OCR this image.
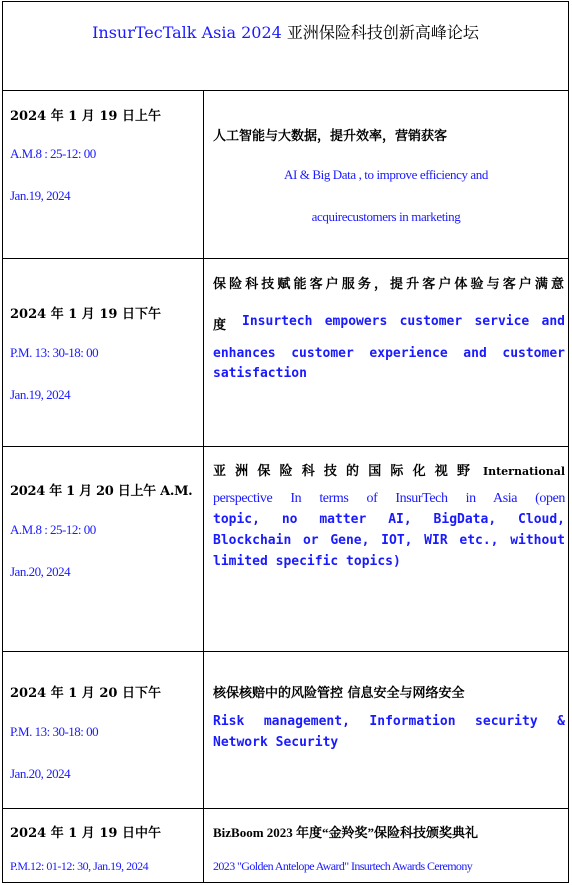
InsurTecTalk Asia 2024 亚洲保险科技创新高峰论坛
2024 年 1 月 19 日上午
A.M.8 : 25-12: 00
Jan.19, 2024
人工智能与大数据，提升效率，营销获客
AI & Big Data , to improve efficiency and
acquirecustomers in marketing
2024 年 1 月 19 日下午
P.M. 13: 30-18: 00
Jan.19, 2024
保险科技赋能客户服务，提升客户体验与客户满意
度 Insurtech empowers customer service and
enhances customer experience and customer
satisfaction
2024 年 1 月 20 日上午 A.M.
A.M.8 : 25-12: 00
Jan.20, 2024
亚洲保险科技的国际化视野 International
perspective In terms of InsurTech in Asia (open
topic, no matter AI, BigData, Cloud,
Blockchain or Gene, IOT, WIR etc., without
limited specific topics)
2024 年 1 月 20 日下午
P.M. 13: 30-18: 00
Jan.20, 2024
核保核赔中的风险管控 信息安全与网络安全
Risk management, Information security &
Network Security
2024 年 1 月 19 日中午
P.M.12: 01-12: 30, Jan.19, 2024
BizBoom 2023 年度“金羚奖”保险科技颁奖典礼
2023 "Golden Antelope Award" Insurtech Awards Ceremony
